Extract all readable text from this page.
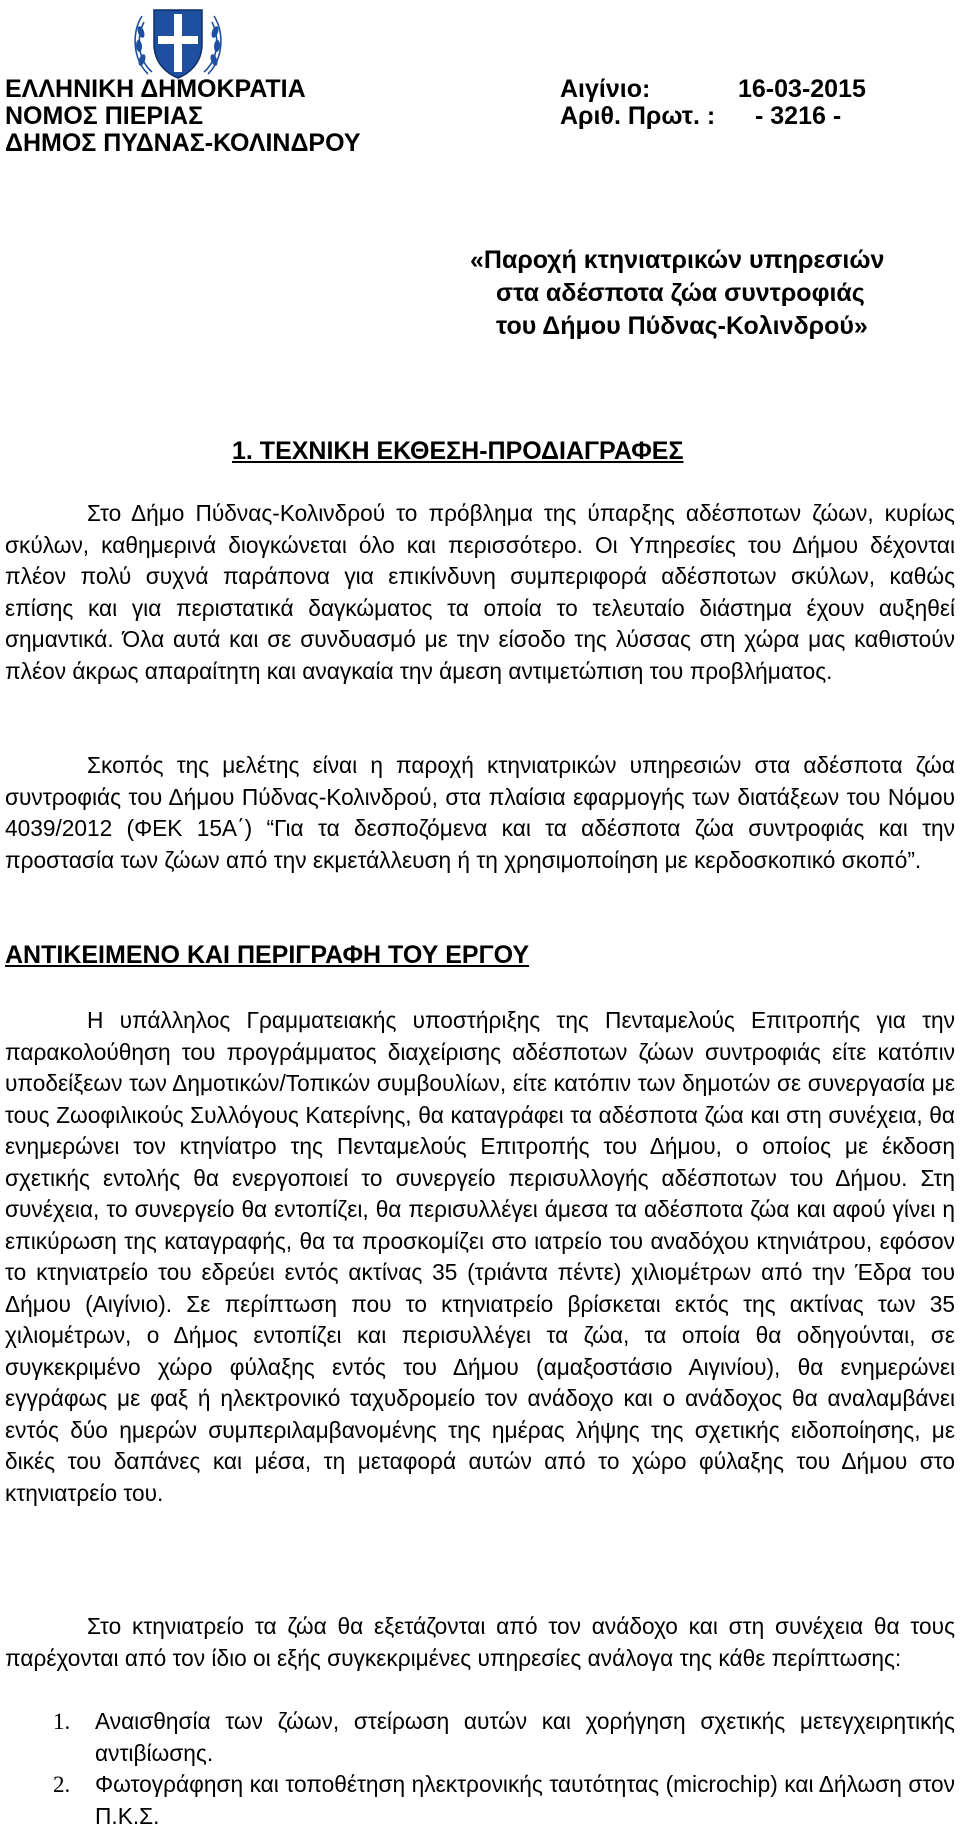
ΕΛΛΗΝΙΚΗ ΔΗΜΟΚΡΑΤΙΑ
ΝΟΜΟΣ ΠΙΕΡΙΑΣ
ΔΗΜΟΣ ΠΥΔΝΑΣ-ΚΟΛΙΝΔΡΟΥ
Αιγίνιο:	16-03-2015
Αριθ. Πρωτ. : - 3216 -
«Παροχή κτηνιατρικών υπηρεσιών
στα αδέσποτα ζώα συντροφιάς
του Δήμου Πύδνας-Κολινδρού»
1. ΤΕΧΝΙΚΗ ΕΚΘΕΣΗ-ΠΡΟΔΙΑΓΡΑΦΕΣ

Στο Δήμο Πύδνας-Κολινδρού το πρόβλημα της ύπαρξης αδέσποτων ζώων, κυρίως σκύλων, καθημερινά διογκώνεται όλο και περισσότερο. Οι Υπηρεσίες του Δήμου δέχονται πλέον πολύ συχνά παράπονα για επικίνδυνη συμπεριφορά αδέσποτων σκύλων, καθώς επίσης και για περιστατικά δαγκώματος τα οποία το τελευταίο διάστημα έχουν αυξηθεί σημαντικά. Όλα αυτά και σε συνδυασμό με την είσοδο της λύσσας στη χώρα μας καθιστούν πλέον άκρως απαραίτητη και αναγκαία την άμεση αντιμετώπιση του προβλήματος.

Σκοπός της μελέτης είναι η παροχή κτηνιατρικών υπηρεσιών στα αδέσποτα ζώα συντροφιάς του Δήμου Πύδνας-Κολινδρού, στα πλαίσια εφαρμογής των διατάξεων του Νόμου 4039/2012 (ΦΕΚ 15Α΄) “Για τα δεσποζόμενα και τα αδέσποτα ζώα συντροφιάς και την προστασία των ζώων από την εκμετάλλευση ή τη χρησιμοποίηση με κερδοσκοπικό σκοπό”.

ΑΝΤΙΚΕΙΜΕΝΟ ΚΑΙ ΠΕΡΙΓΡΑΦΗ ΤΟΥ ΕΡΓΟΥ

Η υπάλληλος Γραμματειακής υποστήριξης της Πενταμελούς Επιτροπής για την παρακολούθηση του προγράμματος διαχείρισης αδέσποτων ζώων συντροφιάς είτε κατόπιν υποδείξεων των Δημοτικών/Τοπικών συμβουλίων, είτε κατόπιν των δημοτών σε συνεργασία με τους Ζωοφιλικούς Συλλόγους Κατερίνης, θα καταγράφει τα αδέσποτα ζώα και στη συνέχεια, θα ενημερώνει τον κτηνίατρο της Πενταμελούς Επιτροπής του Δήμου, ο οποίος με έκδοση σχετικής εντολής θα ενεργοποιεί το συνεργείο περισυλλογής αδέσποτων του Δήμου. Στη συνέχεια, το συνεργείο θα εντοπίζει, θα περισυλλέγει άμεσα τα αδέσποτα ζώα και αφού γίνει η επικύρωση της καταγραφής, θα τα προσκομίζει στο ιατρείο του αναδόχου κτηνιάτρου, εφόσον το κτηνιατρείο του εδρεύει εντός ακτίνας 35 (τριάντα πέντε) χιλιομέτρων από την Έδρα του Δήμου (Αιγίνιο). Σε περίπτωση που το κτηνιατρείο βρίσκεται εκτός της ακτίνας των 35 χιλιομέτρων, ο Δήμος εντοπίζει και περισυλλέγει τα ζώα, τα οποία θα οδηγούνται, σε συγκεκριμένο χώρο φύλαξης εντός του Δήμου (αμαξοστάσιο Αιγινίου), θα ενημερώνει εγγράφως με φαξ ή ηλεκτρονικό ταχυδρομείο τον ανάδοχο και ο ανάδοχος θα αναλαμβάνει εντός δύο ημερών συμπεριλαμβανομένης της ημέρας λήψης της σχετικής ειδοποίησης, με δικές του δαπάνες και μέσα, τη μεταφορά αυτών από το χώρο φύλαξης του Δήμου στο κτηνιατρείο του.

Στο κτηνιατρείο τα ζώα θα εξετάζονται από τον ανάδοχο και στη συνέχεια θα τους παρέχονται από τον ίδιο οι εξής συγκεκριμένες υπηρεσίες ανάλογα της κάθε περίπτωσης:

1.	Αναισθησία των ζώων, στείρωση αυτών και χορήγηση σχετικής μετεγχειρητικής αντιβίωσης.
2.	Φωτογράφηση και τοποθέτηση ηλεκτρονικής ταυτότητας (microchip) και Δήλωση στον Π.Κ.Σ.
